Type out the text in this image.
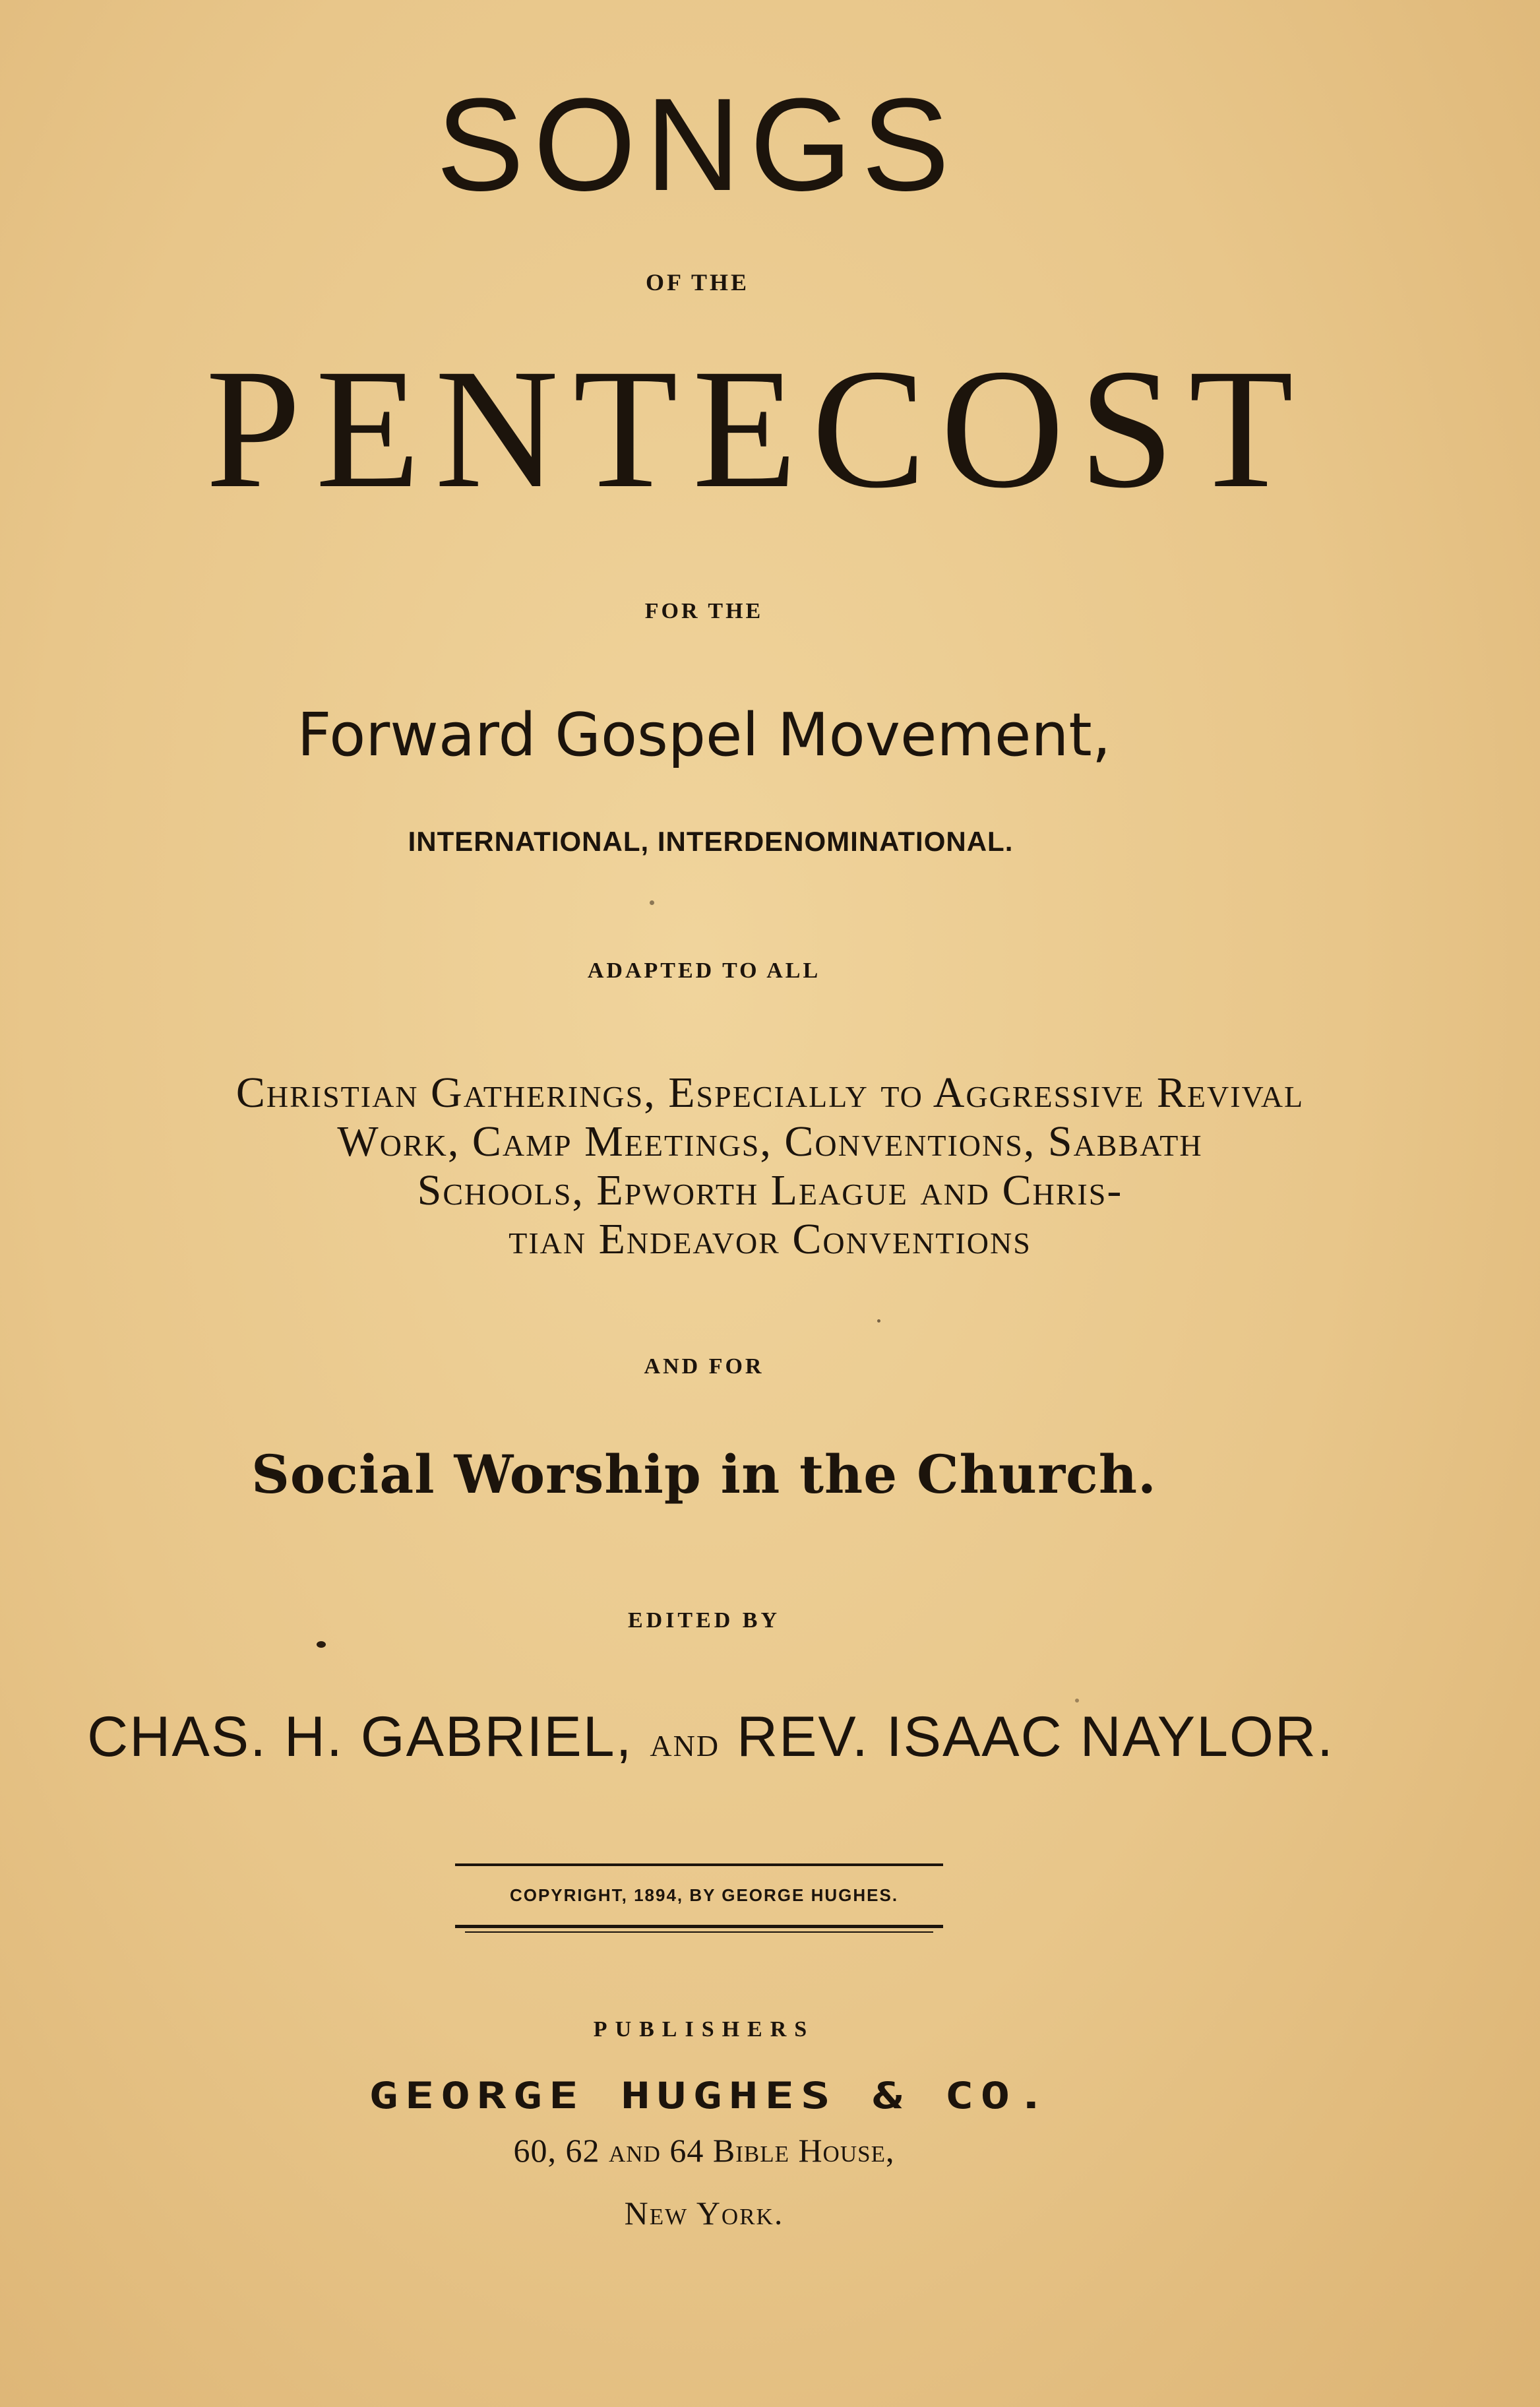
SONGS
OF THE
PENTECOST
FOR THE
Forward Gospel Movement,
INTERNATIONAL, INTERDENOMINATIONAL.
ADAPTED TO ALL
Christian Gatherings, Especially to Aggressive Revival
Work, Camp Meetings, Conventions, Sabbath
Schools, Epworth League and Chris-
tian Endeavor Conventions
AND FOR
Social Worship in the Church.
EDITED BY
CHAS. H. GABRIEL, and REV. ISAAC NAYLOR.
COPYRIGHT, 1894, BY GEORGE HUGHES.
PUBLISHERS
GEORGE HUGHES & CO.
60, 62 and 64 Bible House,
New York.
